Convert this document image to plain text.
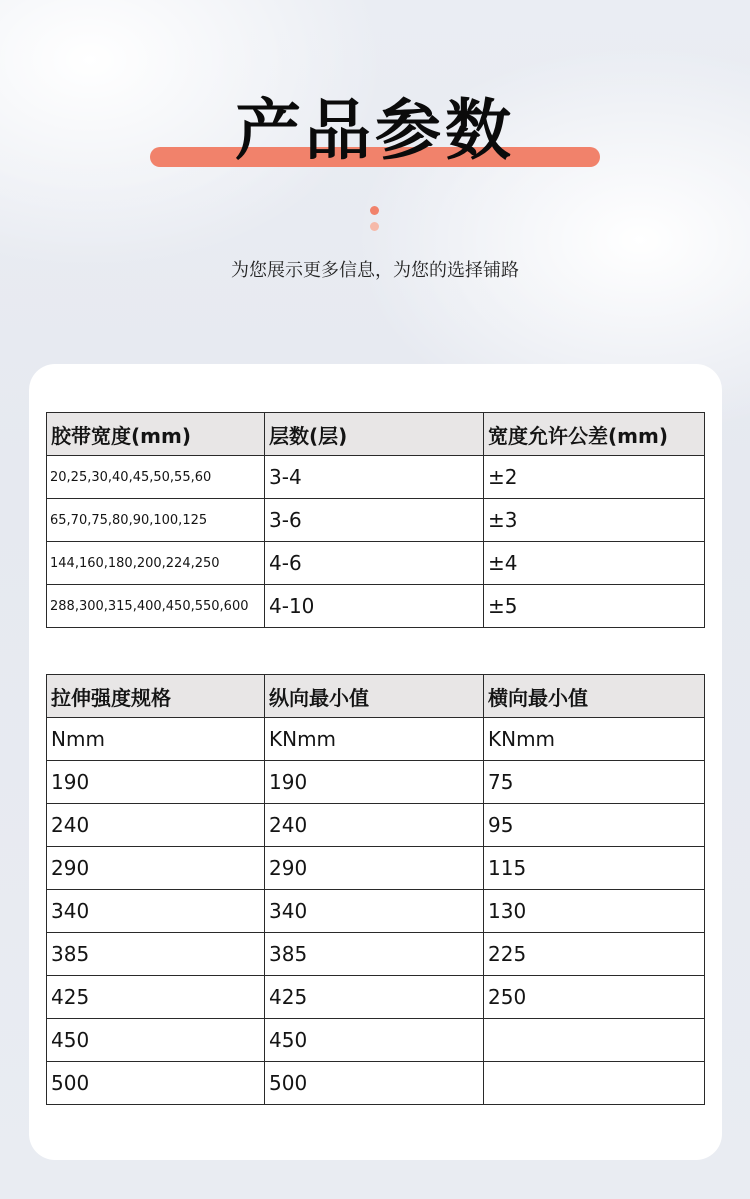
产品参数
为您展示更多信息，为您的选择铺路
胶带宽度(mm)	层数(层)	宽度允许公差(mm)
20,25,30,40,45,50,55,60	3-4	±2
65,70,75,80,90,100,125	3-6	±3
144,160,180,200,224,250	4-6	±4
288,300,315,400,450,550,600	4-10	±5
拉伸强度规格	纵向最小值	横向最小值
Nmm	KNmm	KNmm
190	190	75
240	240	95
290	290	115
340	340	130
385	385	225
425	425	250
450	450	
500	500	
